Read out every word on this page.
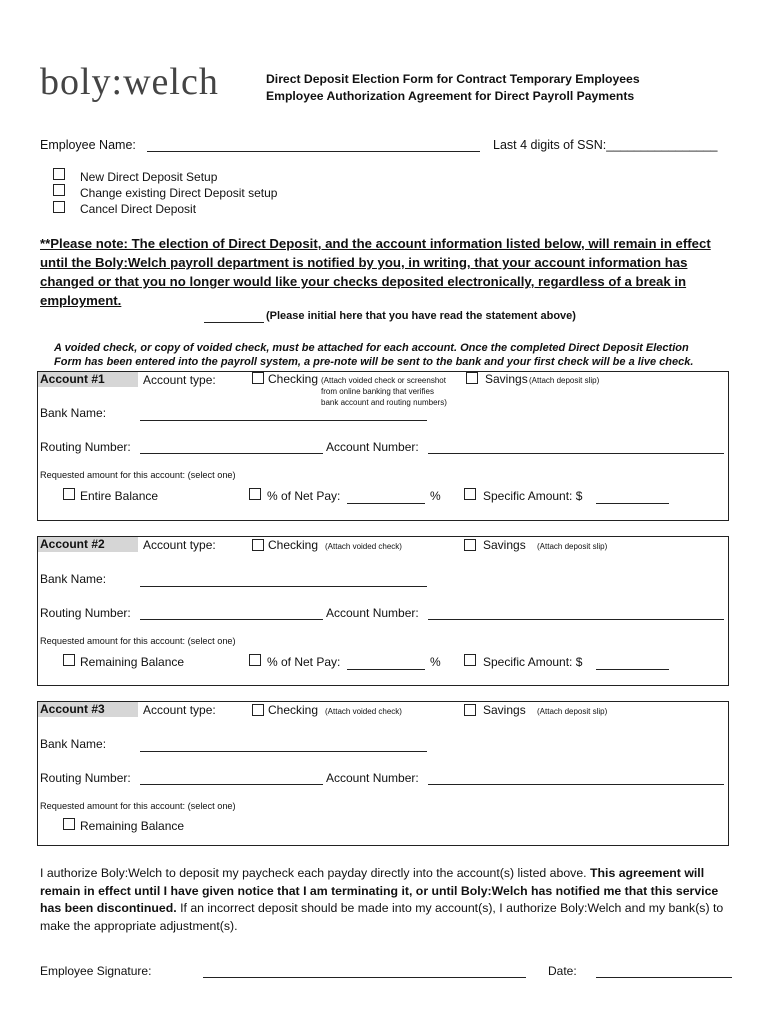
boly:welch	Direct Deposit Election Form for Contract Temporary Employees
Employee Authorization Agreement for Direct Payroll Payments
Employee Name:	Last 4 digits of SSN:________________
New Direct Deposit Setup
Change existing Direct Deposit setup
Cancel Direct Deposit
**Please note: The election of Direct Deposit, and the account information listed below, will remain in effect until the Boly:Welch payroll department is notified by you, in writing, that your account information has changed or that you no longer would like your checks deposited electronically, regardless of a break in employment.
(Please initial here that you have read the statement above)
A voided check, or copy of voided check, must be attached for each account. Once the completed Direct Deposit Election
Form has been entered into the payroll system, a pre-note will be sent to the bank and your first check will be a live check.
Account #1	Account type:	Checking (Attach voided check or screenshot
from online banking that verifies
bank account and routing numbers)
Savings (Attach deposit slip)
Bank Name:
Routing Number:	Account Number:
Requested amount for this account: (select one)
Entire Balance	% of Net Pay:	%	Specific Amount: $
Account #2	Account type:	Checking (Attach voided check)	Savings (Attach deposit slip)
Bank Name:
Routing Number:	Account Number:
Requested amount for this account: (select one)
Remaining Balance	% of Net Pay:	%	Specific Amount: $
Account #3	Account type:	Checking (Attach voided check)	Savings (Attach deposit slip)
Bank Name:
Routing Number:	Account Number:
Requested amount for this account: (select one)
Remaining Balance
I authorize Boly:Welch to deposit my paycheck each payday directly into the account(s) listed above. This agreement will remain in effect until I have given notice that I am terminating it, or until Boly:Welch has notified me that this service has been discontinued. If an incorrect deposit should be made into my account(s), I authorize Boly:Welch and my bank(s) to make the appropriate adjustment(s).
Employee Signature:	Date:
